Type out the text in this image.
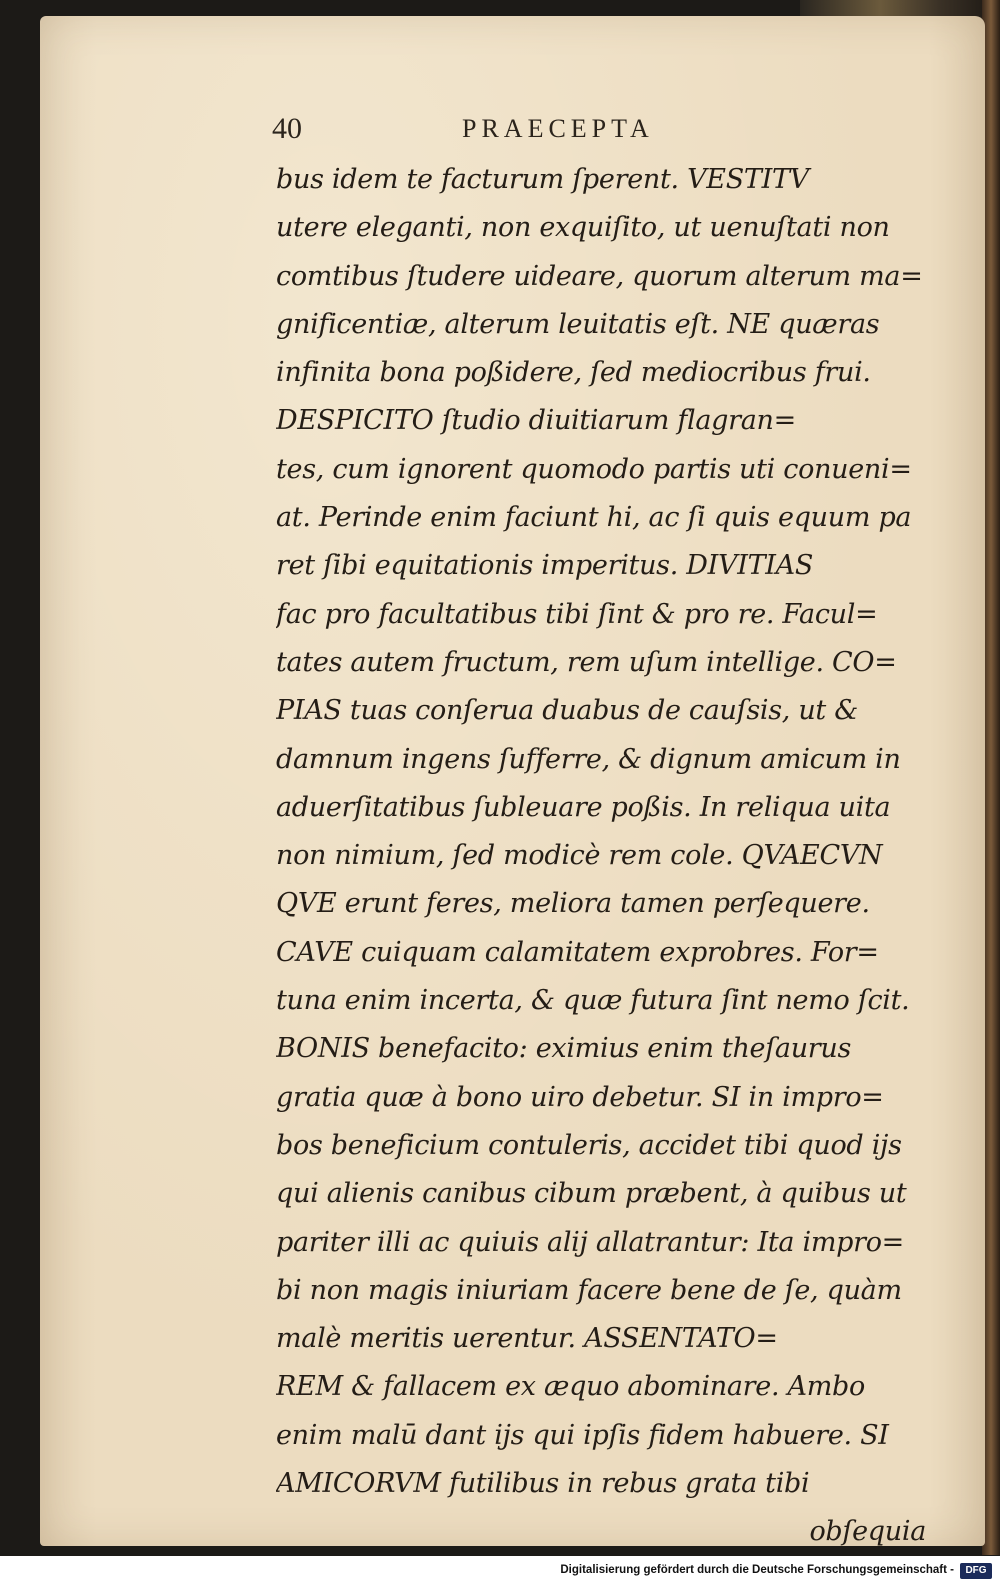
40	PRAECEPTA
bus idem te facturum ſperent. VESTITV
utere eleganti, non exquiſito, ut uenuſtati non
comtibus ſtudere uideare, quorum alterum ma=
gnificentiæ, alterum leuitatis eſt. NE quæras
infinita bona poßidere, ſed mediocribus frui.
DESPICITO ſtudio diuitiarum flagran=
tes, cum ignorent quomodo partis uti conueni=
at. Perinde enim faciunt hi, ac ſi quis equum pa
ret ſibi equitationis imperitus. DIVITIAS
fac pro facultatibus tibi ſint & pro re. Facul=
tates autem fructum, rem uſum intellige. CO=
PIAS tuas conſerua duabus de cauſsis, ut &
damnum ingens ſufferre, & dignum amicum in
aduerſitatibus ſubleuare poßis. In reliqua uita
non nimium, ſed modicè rem cole. QVAECVN
QVE erunt feres, meliora tamen perſequere.
CAVE cuiquam calamitatem exprobres. For=
tuna enim incerta, & quæ futura ſint nemo ſcit.
BONIS benefacito: eximius enim theſaurus
gratia quæ à bono uiro debetur. SI in impro=
bos beneficium contuleris, accidet tibi quod ijs
qui alienis canibus cibum præbent, à quibus ut
pariter illi ac quiuis alij allatrantur: Ita impro=
bi non magis iniuriam facere bene de ſe, quàm
malè meritis uerentur. ASSENTATO=
REM & fallacem ex æquo abominare. Ambo
enim malū dant ijs qui ipſis fidem habuere. SI
AMICORVM futilibus in rebus grata tibi
obſequia
Digitalisierung gefördert durch die Deutsche Forschungsgemeinschaft -	DFG
